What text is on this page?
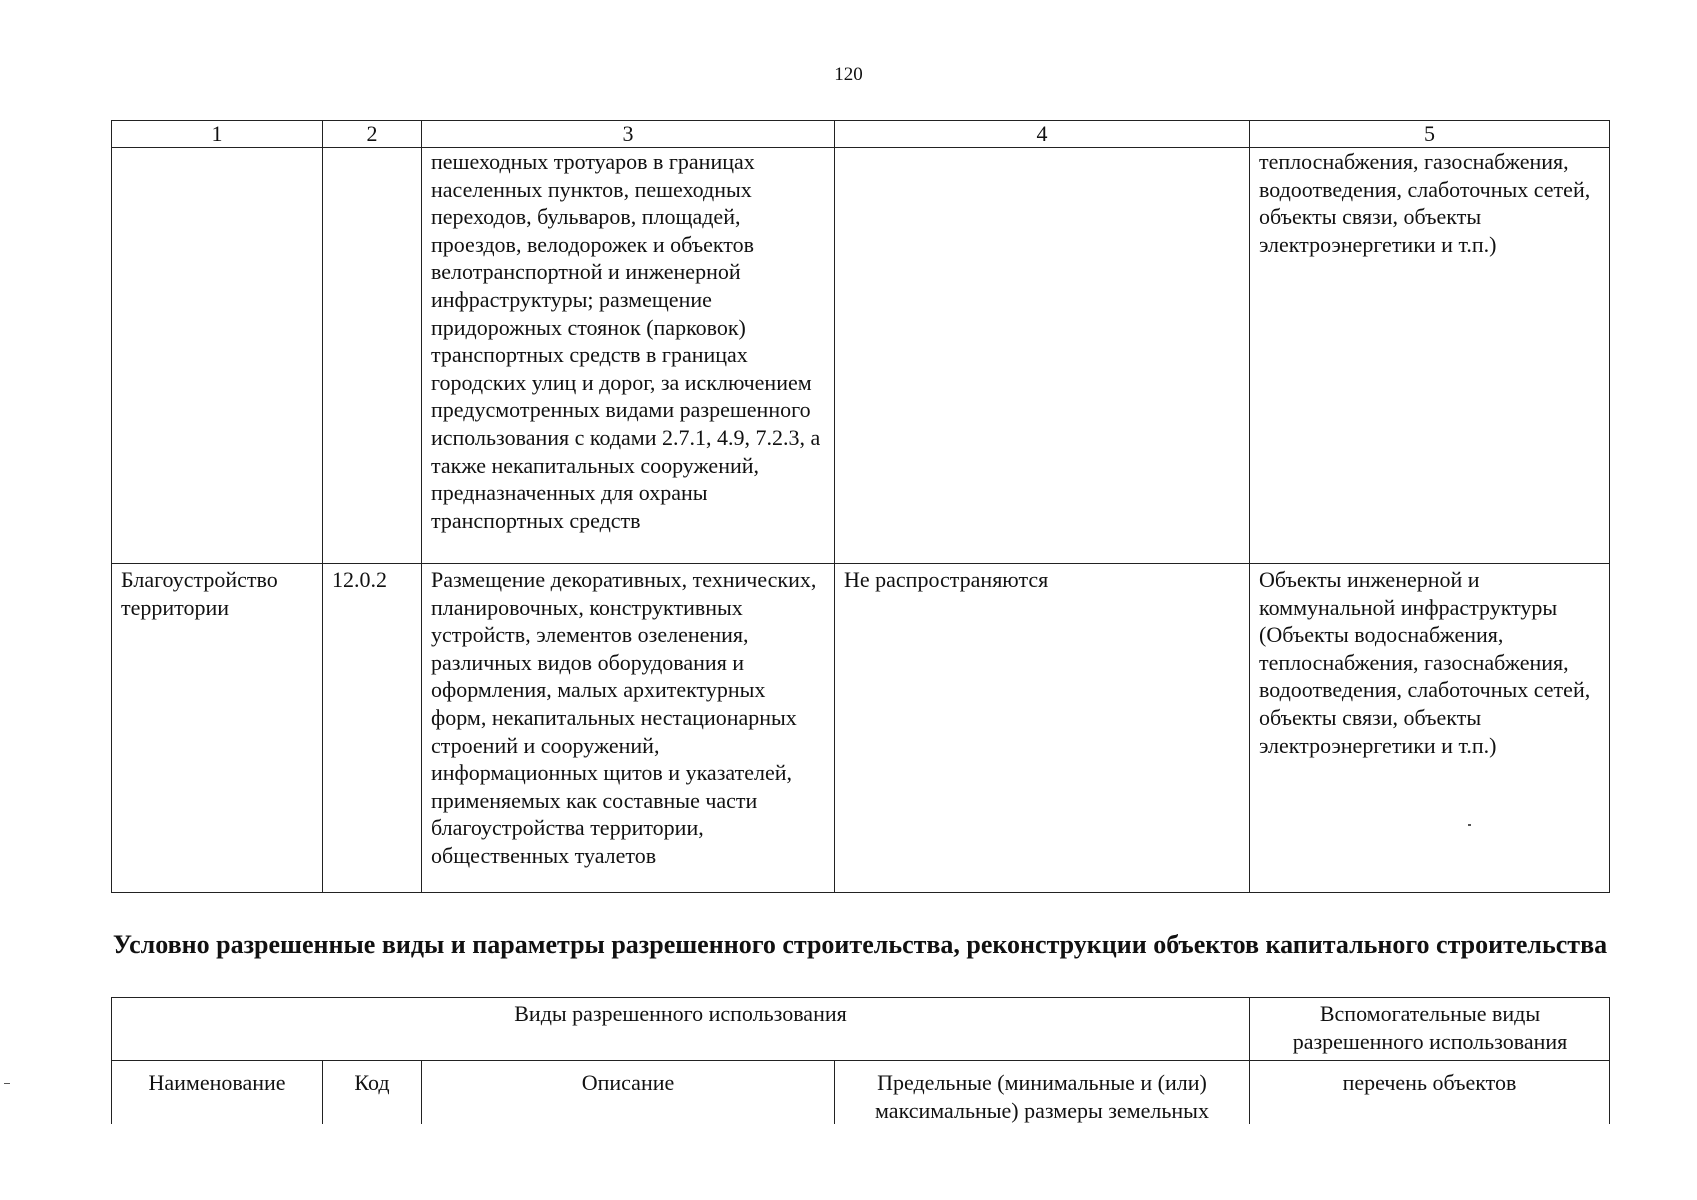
120
1	2	3	4	5
		пешеходных тротуаров в границах населенных пунктов, пешеходных переходов, бульваров, площадей, проездов, велодорожек и объектов велотранспортной и инженерной инфраструктуры; размещение придорожных стоянок (парковок) транспортных средств в границах городских улиц и дорог, за исключением предусмотренных видами разрешенного использования с кодами 2.7.1, 4.9, 7.2.3, а также некапитальных сооружений, предназначенных для охраны транспортных средств		теплоснабжения, газоснабжения, водоотведения, слаботочных сетей, объекты связи, объекты электроэнергетики и т.п.)
Благоустройство территории	12.0.2	Размещение декоративных, технических, планировочных, конструктивных устройств, элементов озеленения, различных видов оборудования и оформления, малых архитектурных форм, некапитальных нестационарных строений и сооружений, информационных щитов и указателей, применяемых как составные части благоустройства территории, общественных туалетов	Не распространяются	Объекты инженерной и коммунальной инфраструктуры (Объекты водоснабжения, теплоснабжения, газоснабжения, водоотведения, слаботочных сетей, объекты связи, объекты электроэнергетики и т.п.)
Условно разрешенные виды и параметры разрешенного строительства, реконструкции объектов капитального строительства
Виды разрешенного использования				Вспомогательные виды разрешенного использования
Наименование	Код	Описание	Предельные (минимальные и (или) максимальные) размеры земельных	перечень объектов
